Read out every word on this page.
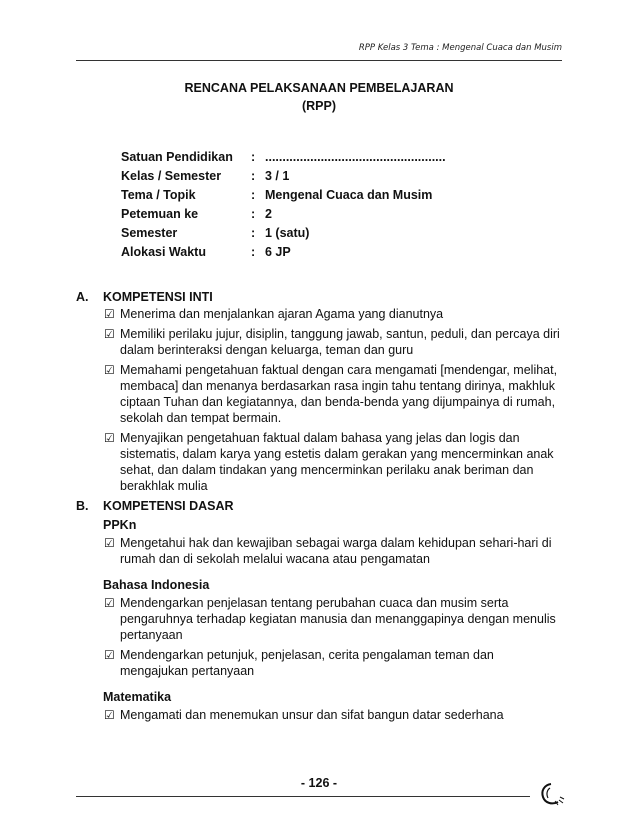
RPP Kelas 3 Tema : Mengenal Cuaca dan Musim
RENCANA PELAKSANAAN PEMBELAJARAN
(RPP)
Satuan Pendidikan : ....................................................
Kelas / Semester : 3 / 1
Tema / Topik	: Mengenal Cuaca dan Musim
Petemuan ke	: 2
Semester	: 1 (satu)
Alokasi Waktu	: 6 JP
A. KOMPETENSI INTI
☑ Menerima dan menjalankan ajaran Agama yang dianutnya
☑ Memiliki perilaku jujur, disiplin, tanggung jawab, santun, peduli, dan percaya diri
dalam berinteraksi dengan keluarga, teman dan guru
☑ Memahami pengetahuan faktual dengan cara mengamati [mendengar, melihat,
membaca] dan menanya berdasarkan rasa ingin tahu tentang dirinya, makhluk
ciptaan Tuhan dan kegiatannya, dan benda-benda yang dijumpainya di rumah,
sekolah dan tempat bermain.
☑ Menyajikan pengetahuan faktual dalam bahasa yang jelas dan logis dan
sistematis, dalam karya yang estetis dalam gerakan yang mencerminkan anak
sehat, dan dalam tindakan yang mencerminkan perilaku anak beriman dan
berakhlak mulia
B. KOMPETENSI DASAR
PPKn
☑ Mengetahui hak dan kewajiban sebagai warga dalam kehidupan sehari-hari di
rumah dan di sekolah melalui wacana atau pengamatan
Bahasa Indonesia
☑ Mendengarkan penjelasan tentang perubahan cuaca dan musim serta
pengaruhnya terhadap kegiatan manusia dan menanggapinya dengan menulis
pertanyaan
☑ Mendengarkan petunjuk, penjelasan, cerita pengalaman teman dan
mengajukan pertanyaan
Matematika
☑ Mengamati dan menemukan unsur dan sifat bangun datar sederhana
- 126 -
